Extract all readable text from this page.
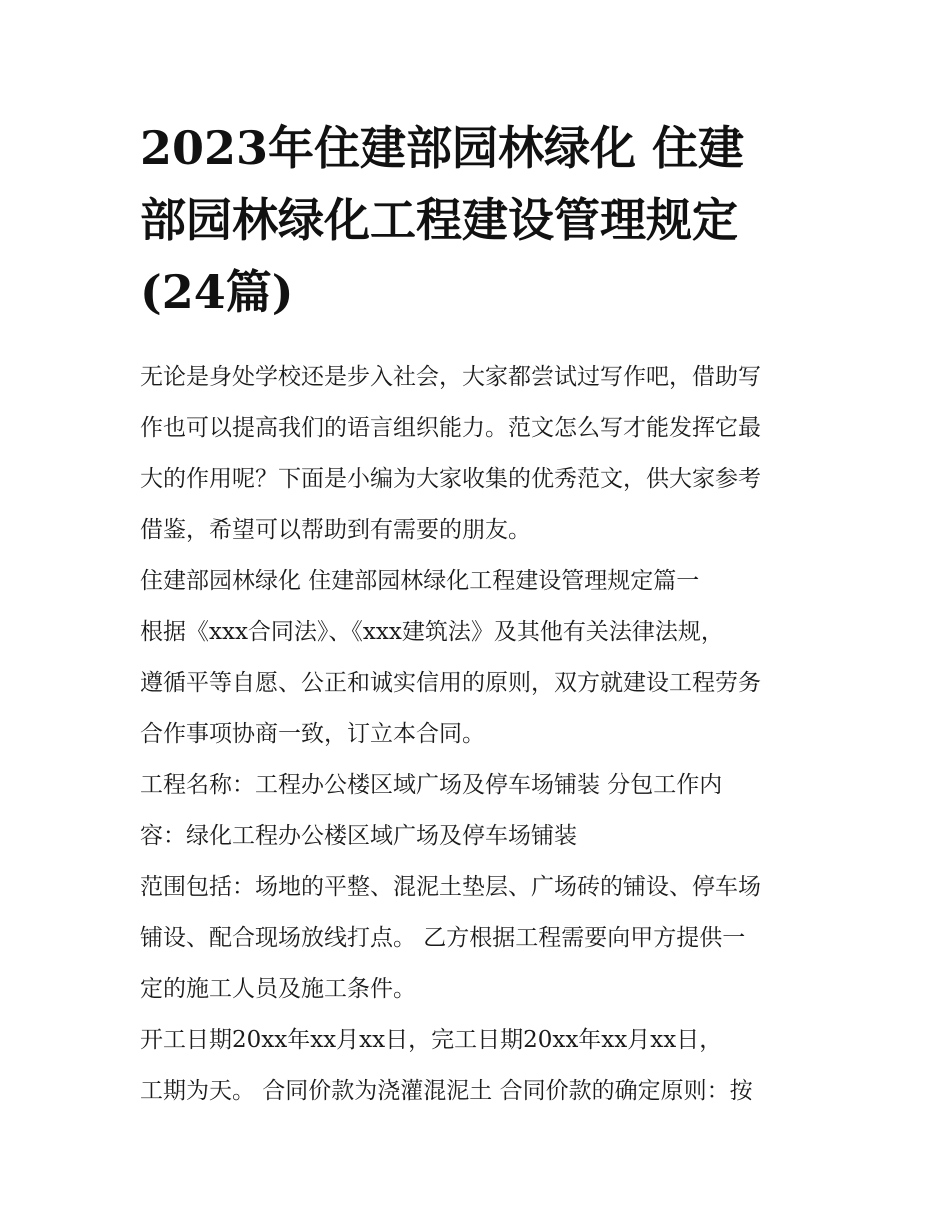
2023年住建部园林绿化 住建
部园林绿化工程建设管理规定
(24篇)
无论是身处学校还是步入社会，大家都尝试过写作吧，借助写
作也可以提高我们的语言组织能力。范文怎么写才能发挥它最
大的作用呢？下面是小编为大家收集的优秀范文，供大家参考
借鉴，希望可以帮助到有需要的朋友。
住建部园林绿化 住建部园林绿化工程建设管理规定篇一
根据《xxx合同法》、《xxx建筑法》及其他有关法律法规，
遵循平等自愿、公正和诚实信用的原则，双方就建设工程劳务
合作事项协商一致，订立本合同。
工程名称：工程办公楼区域广场及停车场铺装 分包工作内
容：绿化工程办公楼区域广场及停车场铺装
范围包括：场地的平整、混泥土垫层、广场砖的铺设、停车场
铺设、配合现场放线打点。 乙方根据工程需要向甲方提供一
定的施工人员及施工条件。
开工日期20xx年xx月xx日，完工日期20xx年xx月xx日，
工期为天。 合同价款为浇灌混泥土 合同价款的确定原则：按
